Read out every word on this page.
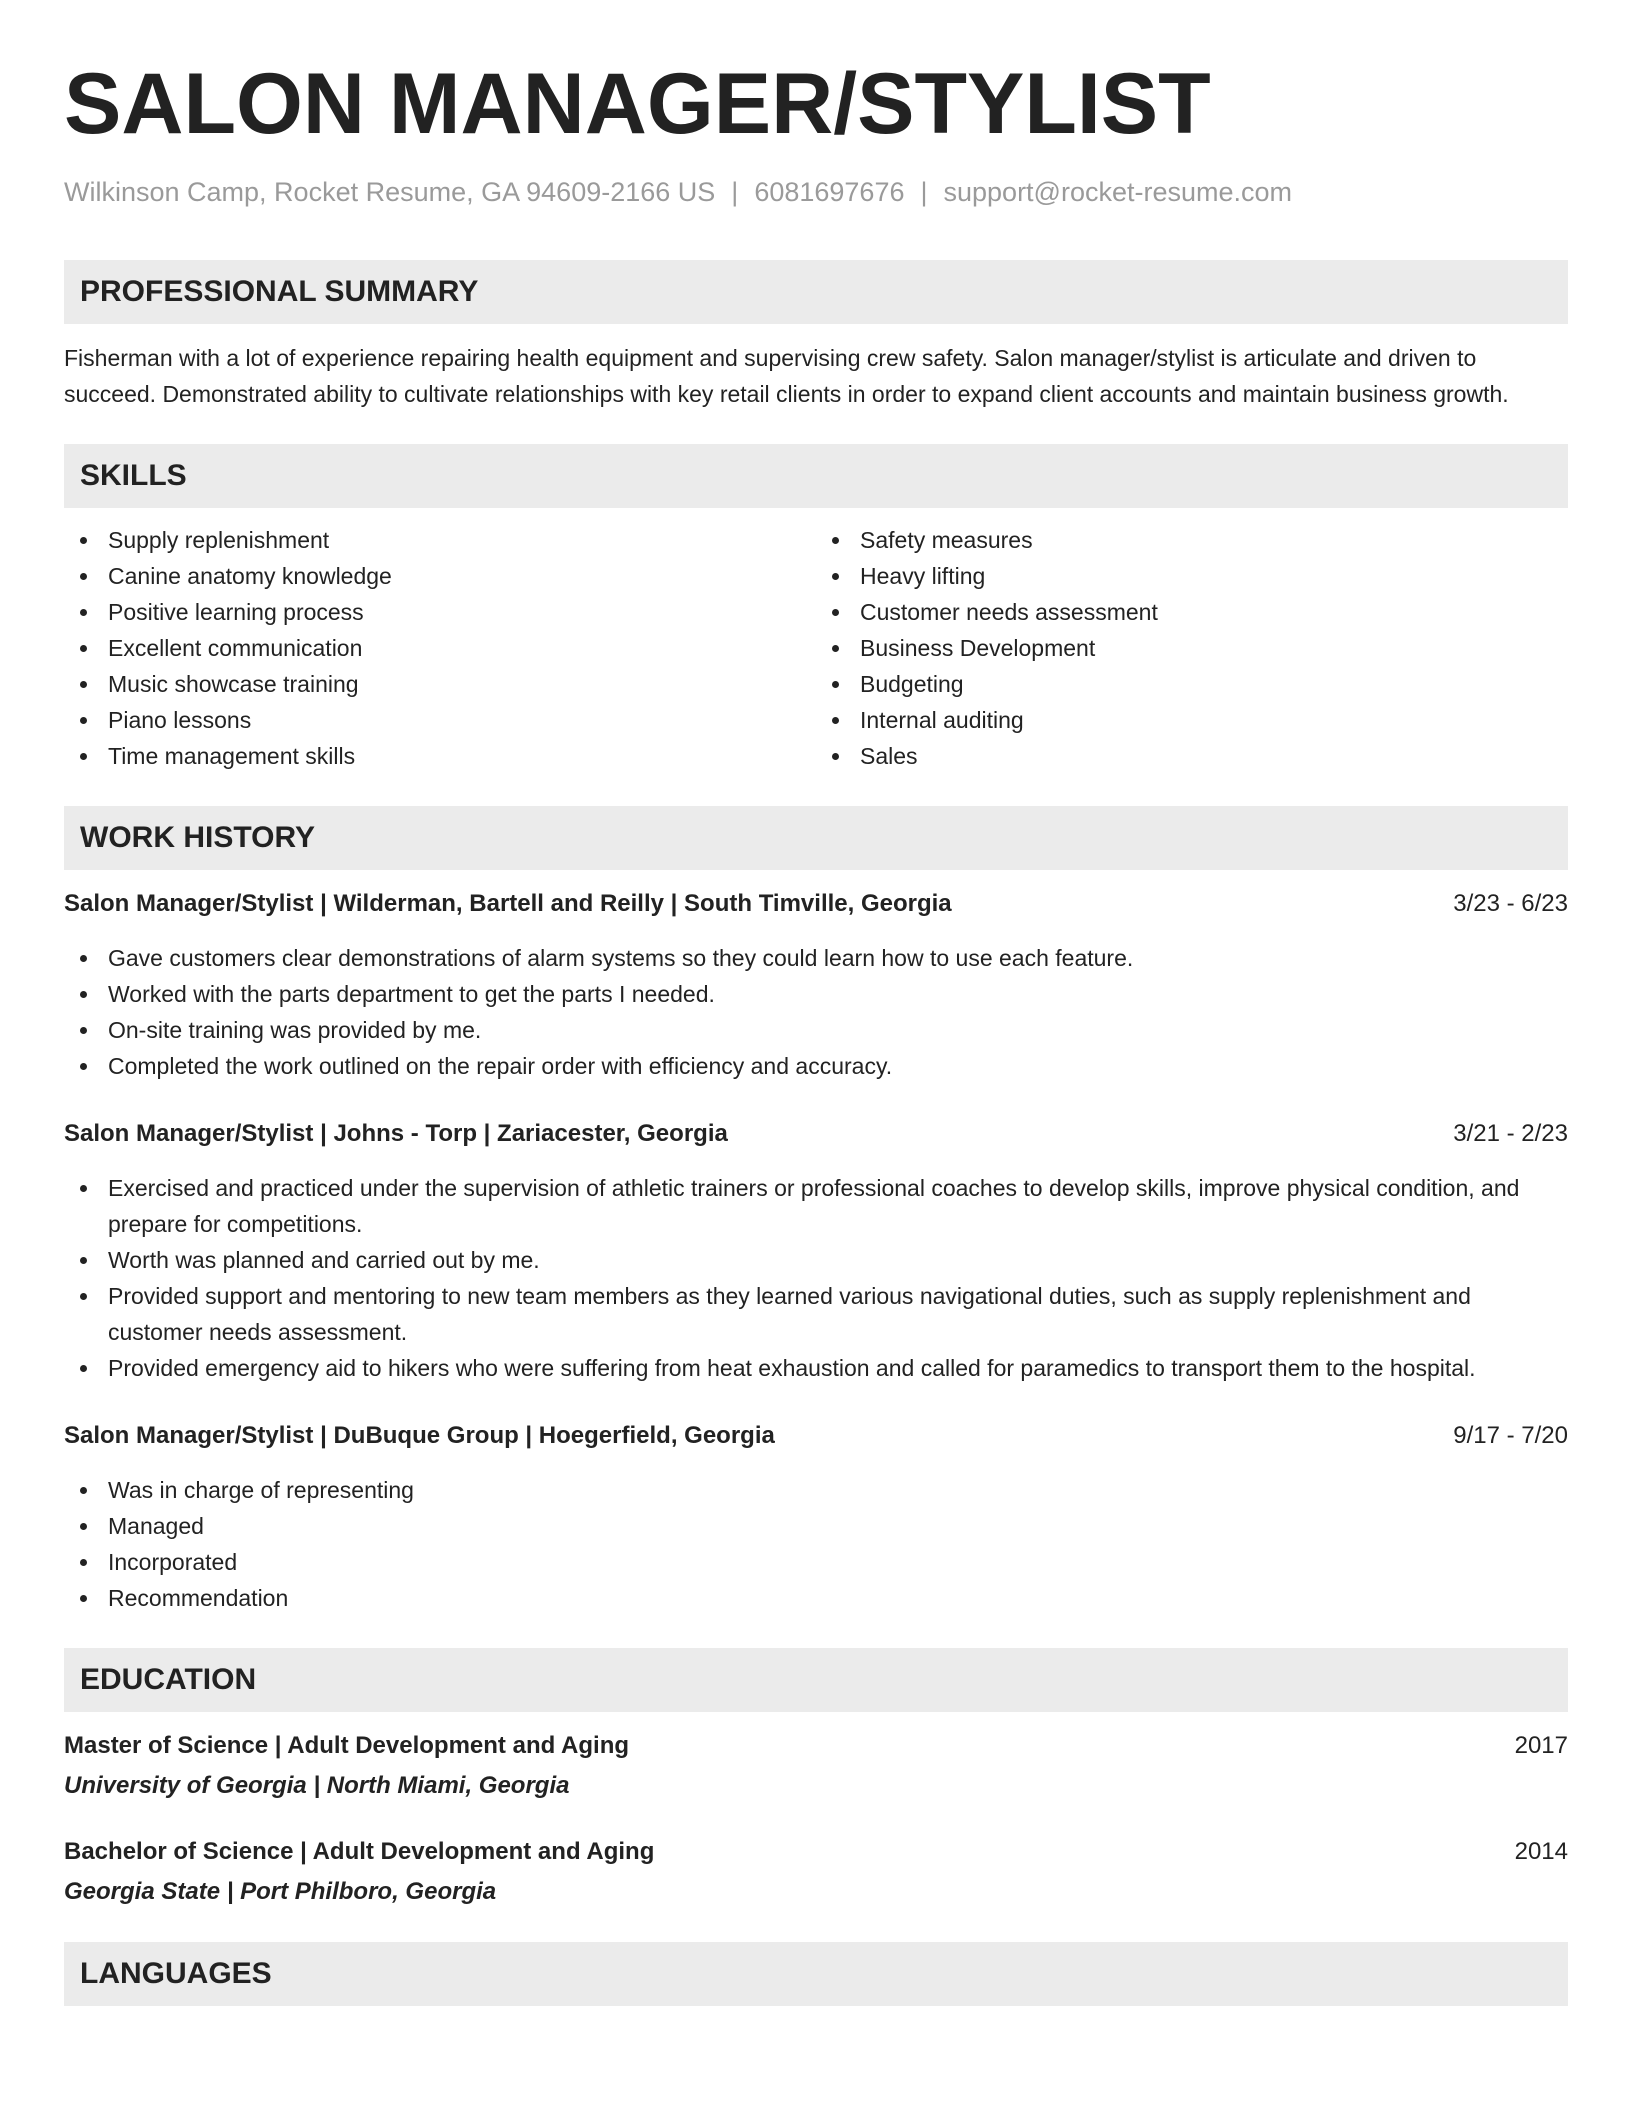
SALON MANAGER/STYLIST
Wilkinson Camp, Rocket Resume, GA 94609-2166 US | 6081697676 | support@rocket-resume.com
PROFESSIONAL SUMMARY
Fisherman with a lot of experience repairing health equipment and supervising crew safety. Salon manager/stylist is articulate and driven to succeed. Demonstrated ability to cultivate relationships with key retail clients in order to expand client accounts and maintain business growth.
SKILLS
Supply replenishment
Canine anatomy knowledge
Positive learning process
Excellent communication
Music showcase training
Piano lessons
Time management skills
Safety measures
Heavy lifting
Customer needs assessment
Business Development
Budgeting
Internal auditing
Sales
WORK HISTORY
Salon Manager/Stylist | Wilderman, Bartell and Reilly | South Timville, Georgia	3/23 - 6/23
Gave customers clear demonstrations of alarm systems so they could learn how to use each feature.
Worked with the parts department to get the parts I needed.
On-site training was provided by me.
Completed the work outlined on the repair order with efficiency and accuracy.
Salon Manager/Stylist | Johns - Torp | Zariacester, Georgia	3/21 - 2/23
Exercised and practiced under the supervision of athletic trainers or professional coaches to develop skills, improve physical condition, and prepare for competitions.
Worth was planned and carried out by me.
Provided support and mentoring to new team members as they learned various navigational duties, such as supply replenishment and customer needs assessment.
Provided emergency aid to hikers who were suffering from heat exhaustion and called for paramedics to transport them to the hospital.
Salon Manager/Stylist | DuBuque Group | Hoegerfield, Georgia	9/17 - 7/20
Was in charge of representing
Managed
Incorporated
Recommendation
EDUCATION
Master of Science | Adult Development and Aging	2017
University of Georgia | North Miami, Georgia
Bachelor of Science | Adult Development and Aging	2014
Georgia State | Port Philboro, Georgia
LANGUAGES
